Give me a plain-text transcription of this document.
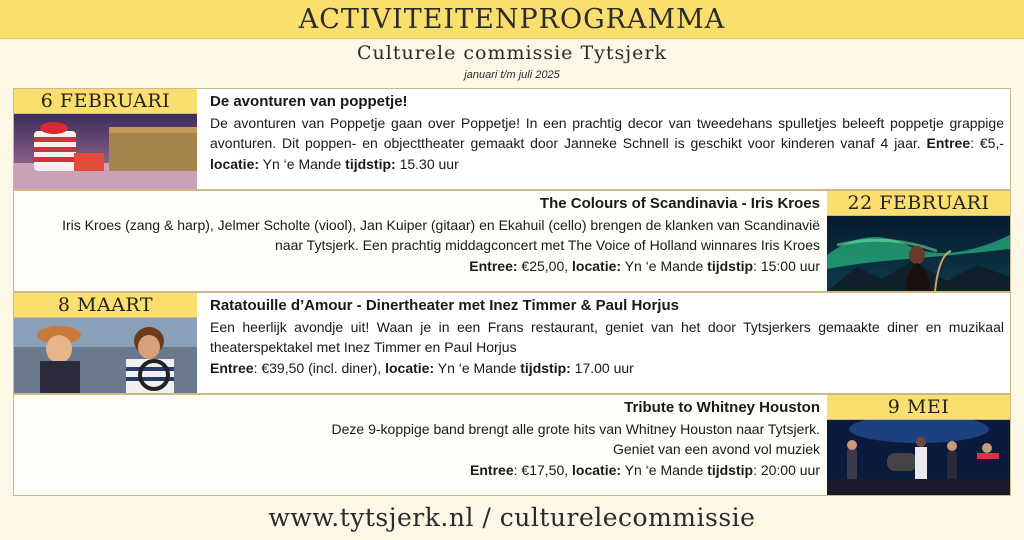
ACTIVITEITENPROGRAMMA
Culturele commissie Tytsjerk
januari t/m juli 2025
6 FEBRUARI	De avonturen van poppetje!
De avonturen van Poppetje gaan over Poppetje! In een prachtig decor van tweedehans spulletjes beleeft poppetje grappige avonturen. Dit poppen- en objecttheater gemaakt door Janneke Schnell is geschikt voor kinderen vanaf 4 jaar. Entree: €5,- locatie: Yn ‘e Mande tijdstip: 15.30 uur
The Colours of Scandinavia - Iris Kroes
Iris Kroes (zang & harp), Jelmer Scholte (viool), Jan Kuiper (gitaar) en Ekahuil (cello) brengen de klanken van Scandinavië naar Tytsjerk. Een prachtig middagconcert met The Voice of Holland winnares Iris Kroes
Entree: €25,00, locatie: Yn ‘e Mande tijdstip: 15:00 uur
22 FEBRUARI
8 MAART	Ratatouille d’Amour - Dinertheater met Inez Timmer & Paul Horjus
Een heerlijk avondje uit! Waan je in een Frans restaurant, geniet van het door Tytsjerkers gemaakte diner en muzikaal theaterspektakel met Inez Timmer en Paul Horjus
Entree: €39,50 (incl. diner), locatie: Yn ‘e Mande tijdstip: 17.00 uur
Tribute to Whitney Houston
Deze 9-koppige band brengt alle grote hits van Whitney Houston naar Tytsjerk.
Geniet van een avond vol muziek
Entree: €17,50, locatie: Yn ‘e Mande tijdstip: 20:00 uur
9 MEI
www.tytsjerk.nl / culturelecommissie
